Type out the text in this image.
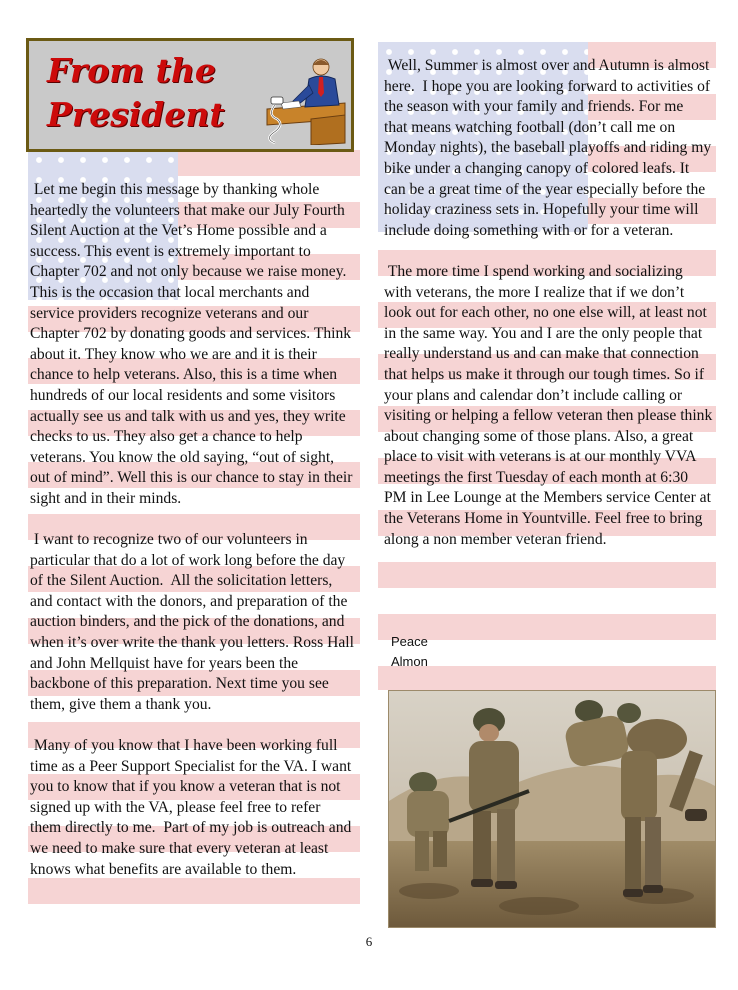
From the
President

Let me begin this message by thanking whole heartedly the volunteers that make our July Fourth Silent Auction at the Vet’s Home possible and a success. This event is extremely important to Chapter 702 and not only because we raise money. This is the occasion that local merchants and service providers recognize veterans and our Chapter 702 by donating goods and services. Think about it. They know who we are and it is their chance to help veterans. Also, this is a time when hundreds of our local residents and some visitors actually see us and talk with us and yes, they write checks to us. They also get a chance to help veterans. You know the old saying, “out of sight, out of mind”. Well this is our chance to stay in their sight and in their minds.

I want to recognize two of our volunteers in particular that do a lot of work long before the day of the Silent Auction.  All the solicitation letters, and contact with the donors, and preparation of the auction binders, and the pick of the donations, and when it’s over write the thank you letters. Ross Hall and John Mellquist have for years been the backbone of this preparation. Next time you see them, give them a thank you.

Many of you know that I have been working full time as a Peer Support Specialist for the VA. I want you to know that if you know a veteran that is not signed up with the VA, please feel free to refer them directly to me.  Part of my job is outreach and we need to make sure that every veteran at least knows what benefits are available to them.

Well, Summer is almost over and Autumn is almost here.  I hope you are looking forward to activities of the season with your family and friends. For me  that means watching football (don’t call me on Monday nights), the baseball playoffs and riding my bike under a changing canopy of colored leafs. It can be a great time of the year especially before the holiday craziness sets in. Hopefully your time will include doing something with or for a veteran.

The more time I spend working and socializing with veterans, the more I realize that if we don’t look out for each other, no one else will, at least not in the same way. You and I are the only people that really understand us and can make that connection that helps us make it through our tough times. So if your plans and calendar don’t include calling or visiting or helping a fellow veteran then please think about changing some of those plans. Also, a great place to visit with veterans is at our monthly VVA meetings the first Tuesday of each month at 6:30 PM in Lee Lounge at the Members service Center at the Veterans Home in Yountville. Feel free to bring along a non member veteran friend.

Peace
Almon

6
